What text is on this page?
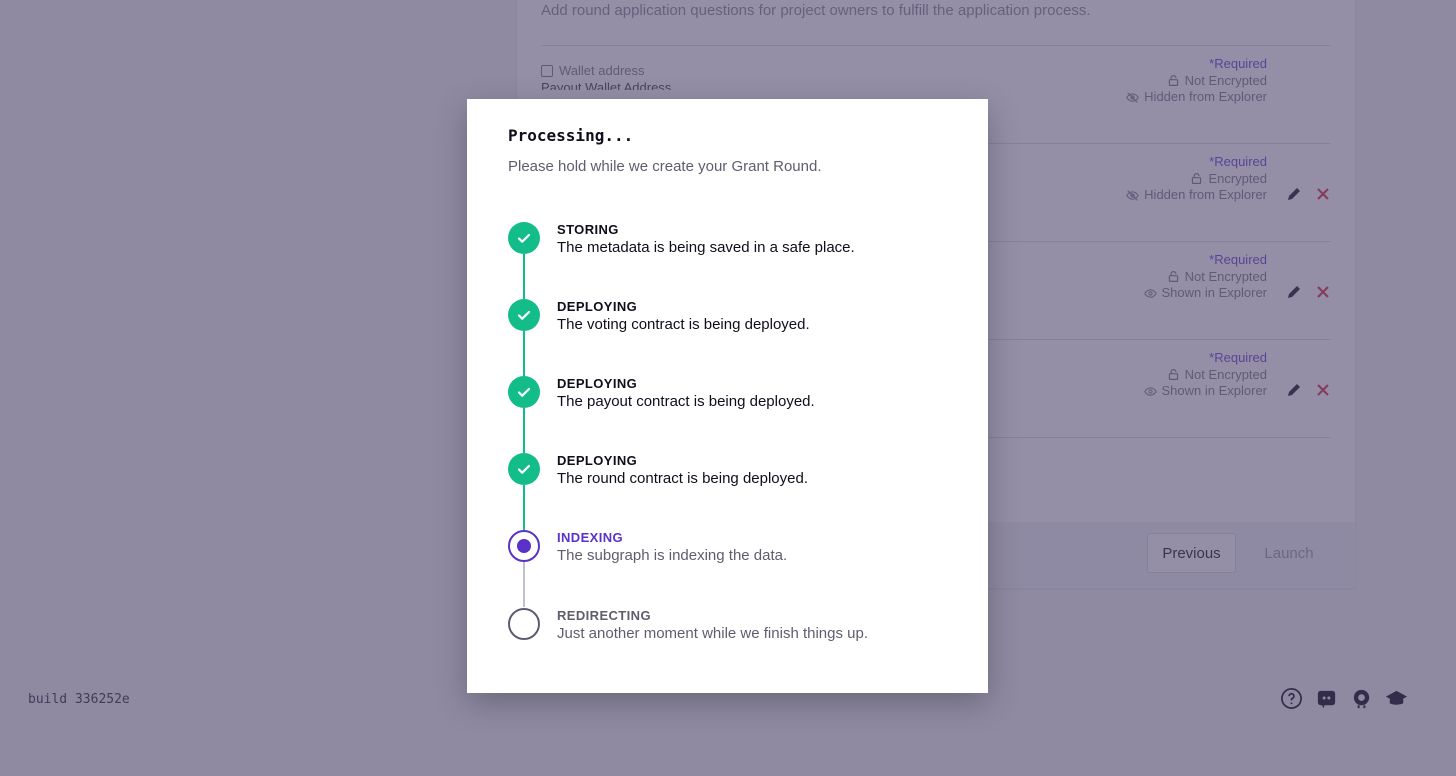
Processing...
Please hold while we create your Grant Round.
STORING
The metadata is being saved in a safe place.
DEPLOYING
The voting contract is being deployed.
DEPLOYING
The payout contract is being deployed.
DEPLOYING
The round contract is being deployed.
INDEXING
The subgraph is indexing the data.
REDIRECTING
Just another moment while we finish things up.
